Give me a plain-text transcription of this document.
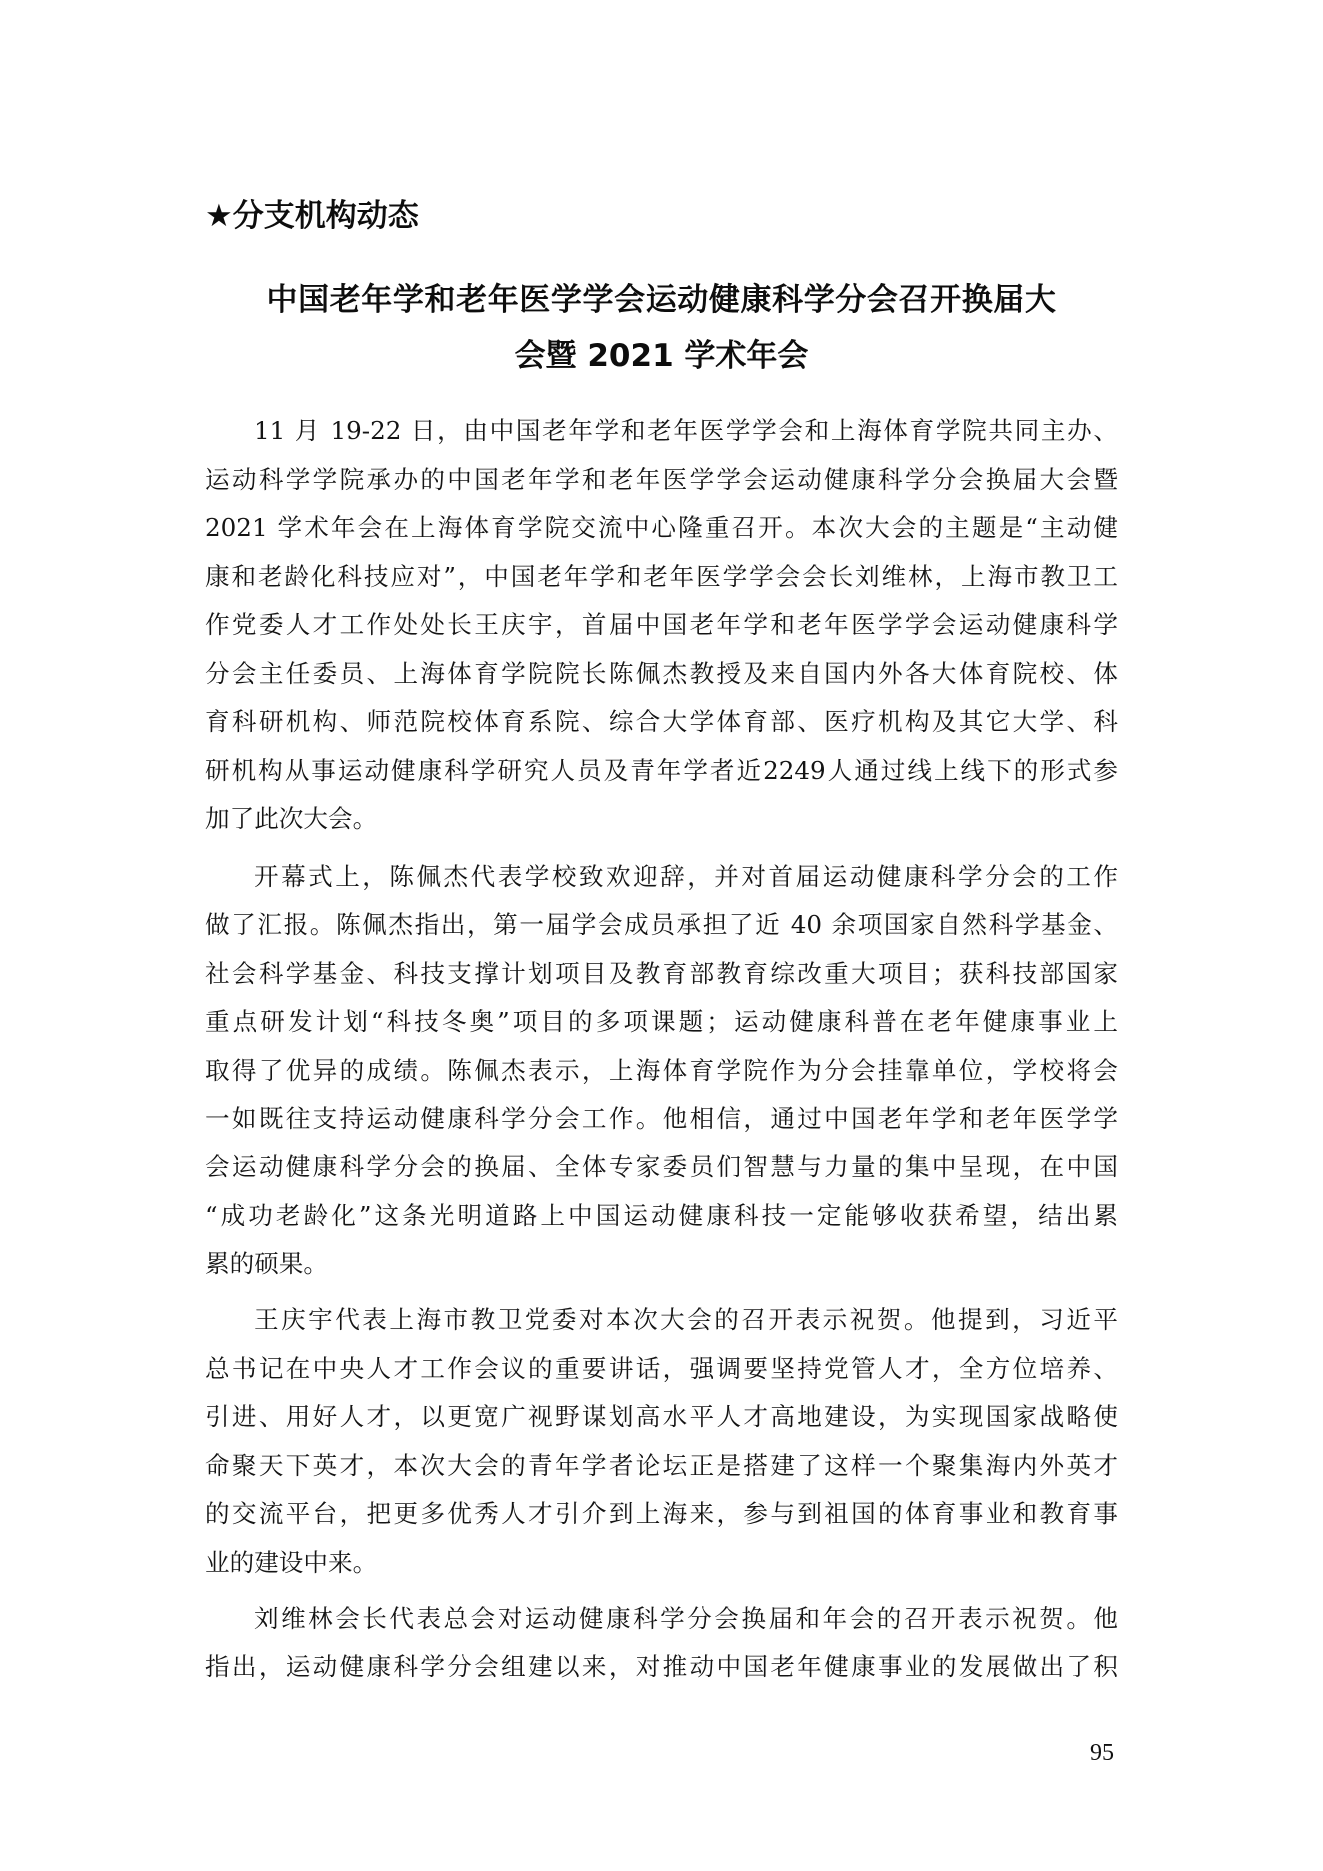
★分支机构动态
中国老年学和老年医学学会运动健康科学分会召开换届大
会暨 2021 学术年会
11 月 19-22 日，由中国老年学和老年医学学会和上海体育学院共同主办、
运动科学学院承办的中国老年学和老年医学学会运动健康科学分会换届大会暨
2021 学术年会在上海体育学院交流中心隆重召开。本次大会的主题是“主动健
康和老龄化科技应对”，中国老年学和老年医学学会会长刘维林，上海市教卫工
作党委人才工作处处长王庆宇，首届中国老年学和老年医学学会运动健康科学
分会主任委员、上海体育学院院长陈佩杰教授及来自国内外各大体育院校、体
育科研机构、师范院校体育系院、综合大学体育部、医疗机构及其它大学、科
研机构从事运动健康科学研究人员及青年学者近2249人通过线上线下的形式参
加了此次大会。
开幕式上，陈佩杰代表学校致欢迎辞，并对首届运动健康科学分会的工作
做了汇报。陈佩杰指出，第一届学会成员承担了近 40 余项国家自然科学基金、
社会科学基金、科技支撑计划项目及教育部教育综改重大项目；获科技部国家
重点研发计划“科技冬奥”项目的多项课题；运动健康科普在老年健康事业上
取得了优异的成绩。陈佩杰表示，上海体育学院作为分会挂靠单位，学校将会
一如既往支持运动健康科学分会工作。他相信，通过中国老年学和老年医学学
会运动健康科学分会的换届、全体专家委员们智慧与力量的集中呈现，在中国
“成功老龄化”这条光明道路上中国运动健康科技一定能够收获希望，结出累
累的硕果。
王庆宇代表上海市教卫党委对本次大会的召开表示祝贺。他提到，习近平
总书记在中央人才工作会议的重要讲话，强调要坚持党管人才，全方位培养、
引进、用好人才，以更宽广视野谋划高水平人才高地建设，为实现国家战略使
命聚天下英才，本次大会的青年学者论坛正是搭建了这样一个聚集海内外英才
的交流平台，把更多优秀人才引介到上海来，参与到祖国的体育事业和教育事
业的建设中来。
刘维林会长代表总会对运动健康科学分会换届和年会的召开表示祝贺。他
指出，运动健康科学分会组建以来，对推动中国老年健康事业的发展做出了积
95
